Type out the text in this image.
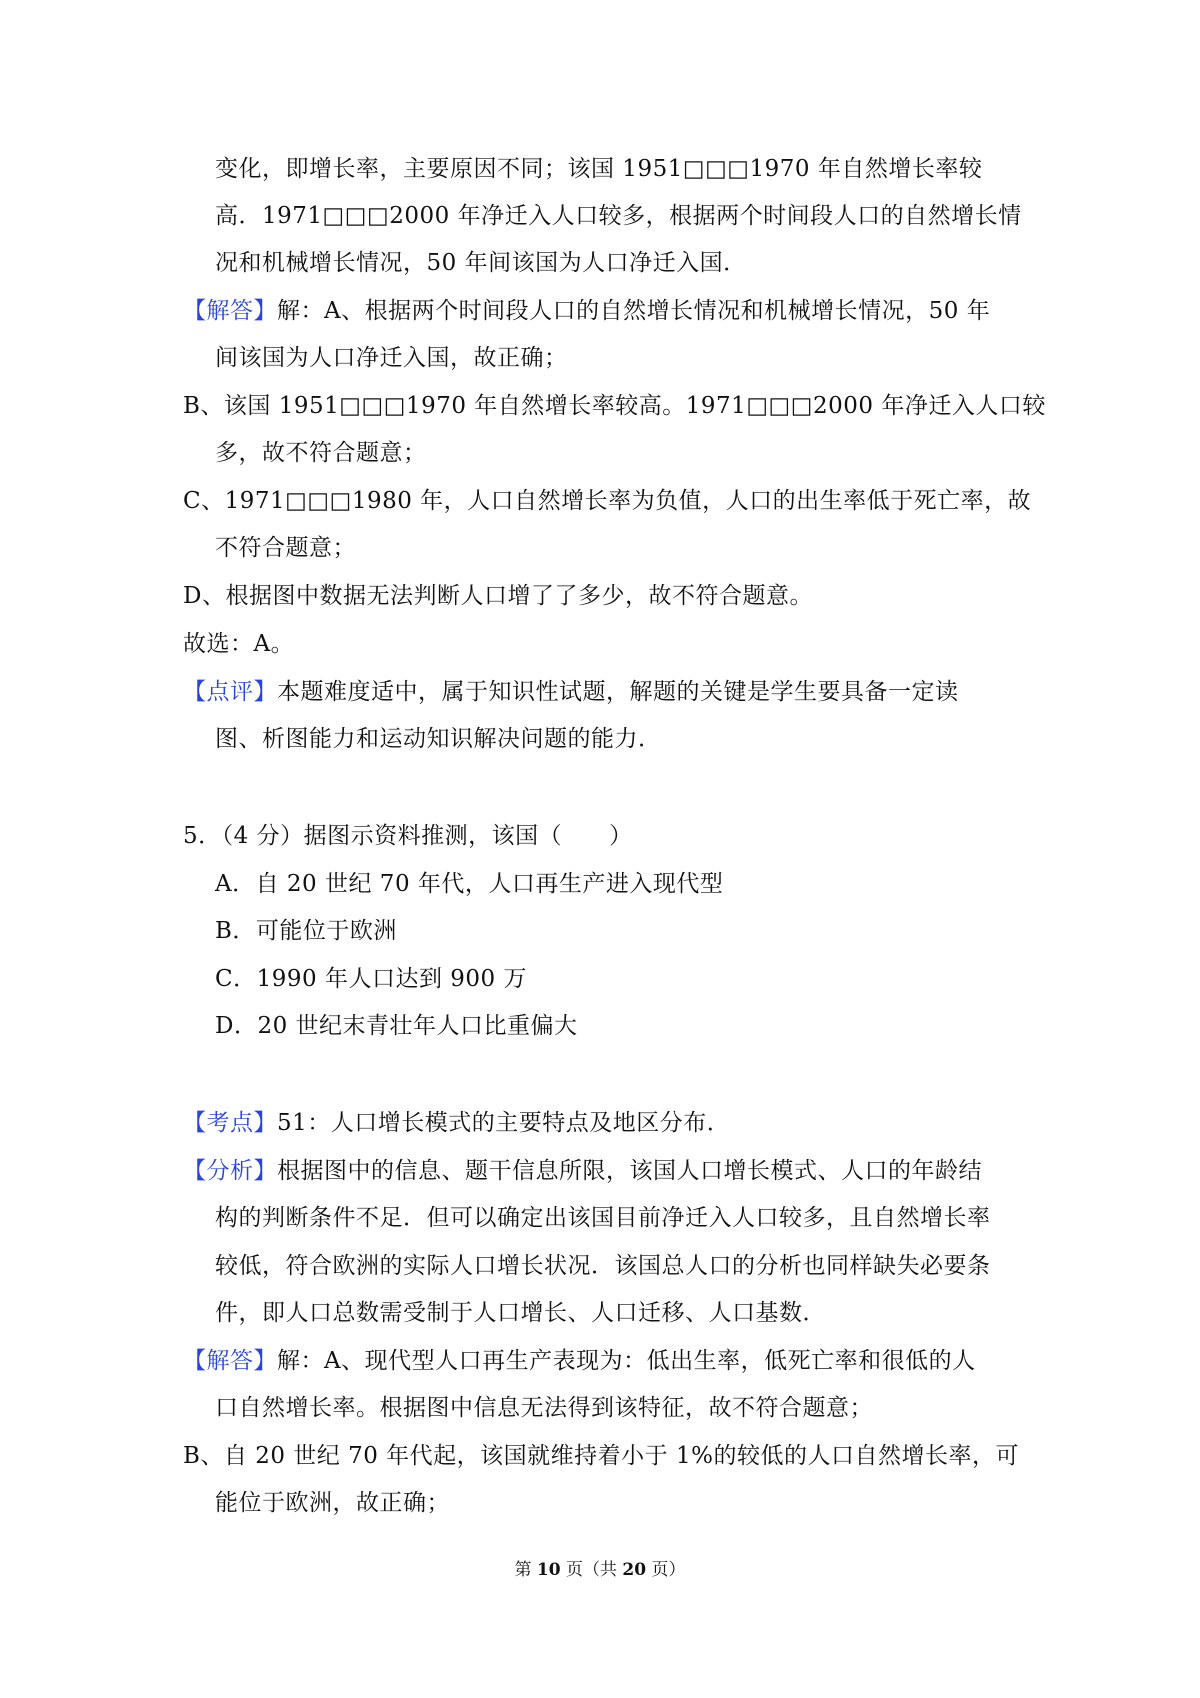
变化，即增长率，主要原因不同；该国 1951□□□1970 年自然增长率较
高．1971□□□2000 年净迁入人口较多，根据两个时间段人口的自然增长情
况和机械增长情况，50 年间该国为人口净迁入国．
【解答】解：A、根据两个时间段人口的自然增长情况和机械增长情况，50 年
间该国为人口净迁入国，故正确；
B、该国 1951□□□1970 年自然增长率较高。1971□□□2000 年净迁入人口较
多，故不符合题意；
C、1971□□□1980 年，人口自然增长率为负值，人口的出生率低于死亡率，故
不符合题意；
D、根据图中数据无法判断人口增了了多少，故不符合题意。
故选：A。
【点评】本题难度适中，属于知识性试题，解题的关键是学生要具备一定读
图、析图能力和运动知识解决问题的能力．
5．（4 分）据图示资料推测，该国（　　）
A．自 20 世纪 70 年代，人口再生产进入现代型
B．可能位于欧洲
C．1990 年人口达到 900 万
D．20 世纪末青壮年人口比重偏大
【考点】51：人口增长模式的主要特点及地区分布．
【分析】根据图中的信息、题干信息所限，该国人口增长模式、人口的年龄结
构的判断条件不足．但可以确定出该国目前净迁入人口较多，且自然增长率
较低，符合欧洲的实际人口增长状况．该国总人口的分析也同样缺失必要条
件，即人口总数需受制于人口增长、人口迁移、人口基数．
【解答】解：A、现代型人口再生产表现为：低出生率，低死亡率和很低的人
口自然增长率。根据图中信息无法得到该特征，故不符合题意；
B、自 20 世纪 70 年代起，该国就维持着小于 1%的较低的人口自然增长率，可
能位于欧洲，故正确；
第 10 页（共 20 页）
